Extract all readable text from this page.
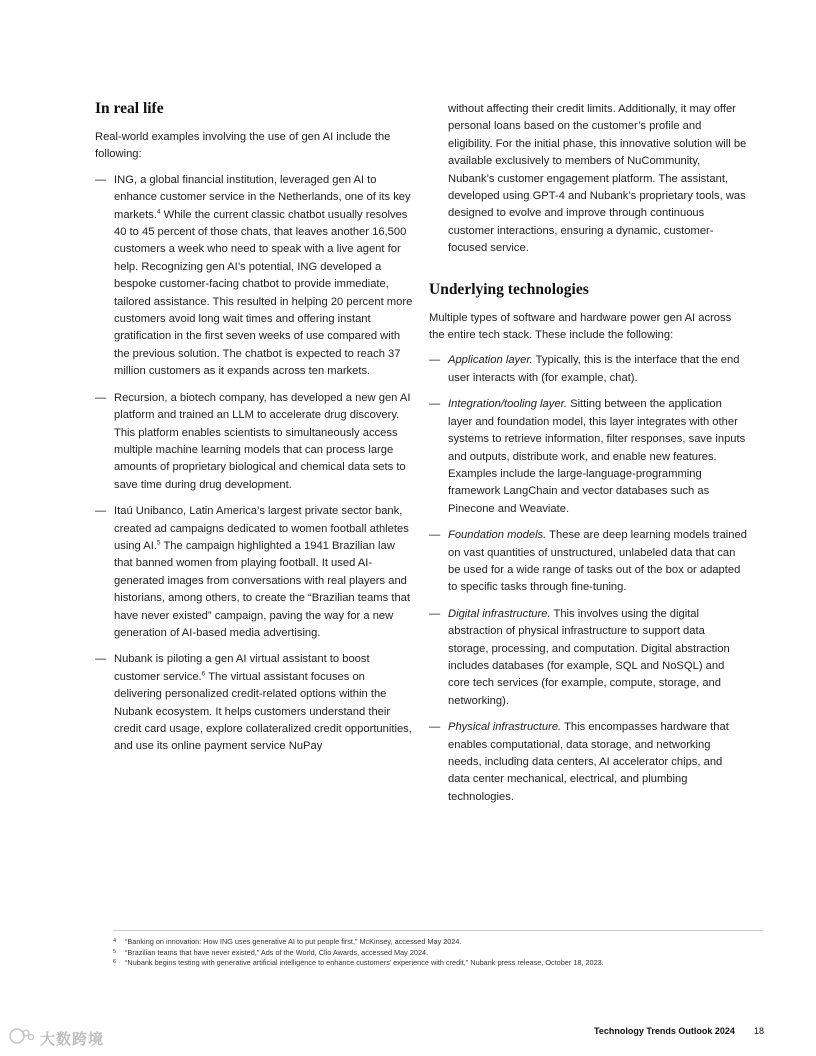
In real life

Real-world examples involving the use of gen AI include the following:

— ING, a global financial institution, leveraged gen AI to enhance customer service in the Netherlands, one of its key markets.$^4$ While the current classic chatbot usually resolves 40 to 45 percent of those chats, that leaves another 16,500 customers a week who need to speak with a live agent for help. Recognizing gen AI’s potential, ING developed a bespoke customer-facing chatbot to provide immediate, tailored assistance. This resulted in helping 20 percent more customers avoid long wait times and offering instant gratification in the first seven weeks of use compared with the previous solution. The chatbot is expected to reach 37 million customers as it expands across ten markets.
— Recursion, a biotech company, has developed a new gen AI platform and trained an LLM to accelerate drug discovery. This platform enables scientists to simultaneously access multiple machine learning models that can process large amounts of proprietary biological and chemical data sets to save time during drug development.
— Itaú Unibanco, Latin America’s largest private sector bank, created ad campaigns dedicated to women football athletes using AI.$^5$ The campaign highlighted a 1941 Brazilian law that banned women from playing football. It used AI-generated images from conversations with real players and historians, among others, to create the “Brazilian teams that have never existed” campaign, paving the way for a new generation of AI-based media advertising.
— Nubank is piloting a gen AI virtual assistant to boost customer service.$^6$ The virtual assistant focuses on delivering personalized credit-related options within the Nubank ecosystem. It helps customers understand their credit card usage, explore collateralized credit opportunities, and use its online payment service NuPay

without affecting their credit limits. Additionally, it may offer personal loans based on the customer’s profile and eligibility. For the initial phase, this innovative solution will be available exclusively to members of NuCommunity, Nubank’s customer engagement platform. The assistant, developed using GPT-4 and Nubank’s proprietary tools, was designed to evolve and improve through continuous customer interactions, ensuring a dynamic, customer-focused service.

Underlying technologies

Multiple types of software and hardware power gen AI across the entire tech stack. These include the following:

— Application layer. Typically, this is the interface that the end user interacts with (for example, chat).
— Integration/tooling layer. Sitting between the application layer and foundation model, this layer integrates with other systems to retrieve information, filter responses, save inputs and outputs, distribute work, and enable new features. Examples include the large-language-programming framework LangChain and vector databases such as Pinecone and Weaviate.
— Foundation models. These are deep learning models trained on vast quantities of unstructured, unlabeled data that can be used for a wide range of tasks out of the box or adapted to specific tasks through fine-tuning.
— Digital infrastructure. This involves using the digital abstraction of physical infrastructure to support data storage, processing, and computation. Digital abstraction includes databases (for example, SQL and NoSQL) and core tech services (for example, compute, storage, and networking).
— Physical infrastructure. This encompasses hardware that enables computational, data storage, and networking needs, including data centers, AI accelerator chips, and data center mechanical, electrical, and plumbing technologies.
4 “Banking on innovation: How ING uses generative AI to put people first,” McKinsey, accessed May 2024.
5 “Brazilian teams that have never existed,” Ads of the World, Clio Awards, accessed May 2024.
6 “Nubank begins testing with generative artificial intelligence to enhance customers’ experience with credit,” Nubank press release, October 18, 2023.
Technology Trends Outlook 2024 18
大数跨境
